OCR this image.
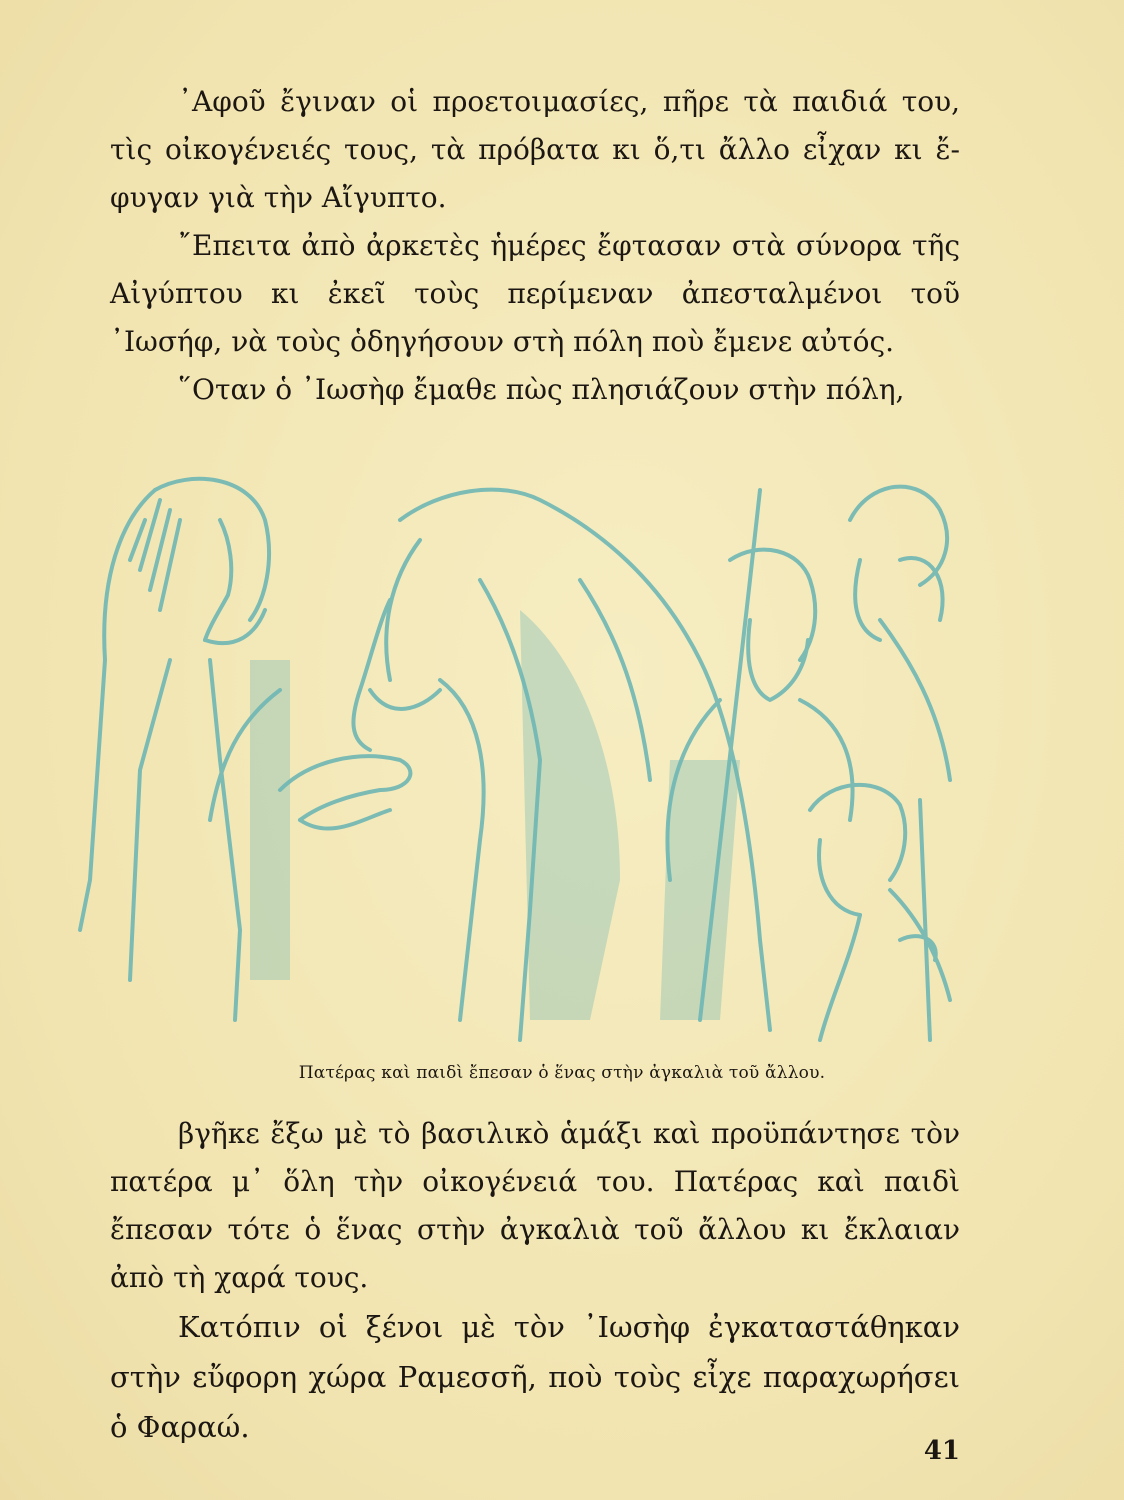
᾿Αφοῦ ἔγιναν οἱ προετοιμασίες, πῆρε τὰ παιδιά του, τὶς οἰκογένειές τους, τὰ πρόβατα κι ὅ,τι ἄλλο εἶχαν κι ἔφυγαν γιὰ τὴν Αἴγυπτο.

῎Επειτα ἀπὸ ἀρκετὲς ἡμέρες ἔφτασαν στὰ σύνορα τῆς Αἰγύπτου κι ἐκεῖ τοὺς περίμεναν ἀπεσταλμένοι τοῦ ᾿Ιωσήφ, νὰ τοὺς ὁδηγήσουν στὴ πόλη ποὺ ἔμενε αὐτός.

῞Οταν ὁ ᾿Ιωσὴφ ἔμαθε πὼς πλησιάζουν στὴν πόλη,

Πατέρας καὶ παιδὶ ἔπεσαν ὁ ἕνας στὴν ἀγκαλιὰ τοῦ ἄλλου.

βγῆκε ἔξω μὲ τὸ βασιλικὸ ἁμάξι καὶ προϋπάντησε τὸν πατέρα μ᾿ ὅλη τὴν οἰκογένειά του. Πατέρας καὶ παιδὶ ἔπεσαν τότε ὁ ἕνας στὴν ἀγκαλιὰ τοῦ ἄλλου κι ἔκλαιαν ἀπὸ τὴ χαρά τους.

Κατόπιν οἱ ξένοι μὲ τὸν ᾿Ιωσὴφ ἐγκαταστάθηκαν στὴν εὔφορη χώρα Ραμεσσῆ, ποὺ τοὺς εἶχε παραχωρήσει ὁ Φαραώ.

41
